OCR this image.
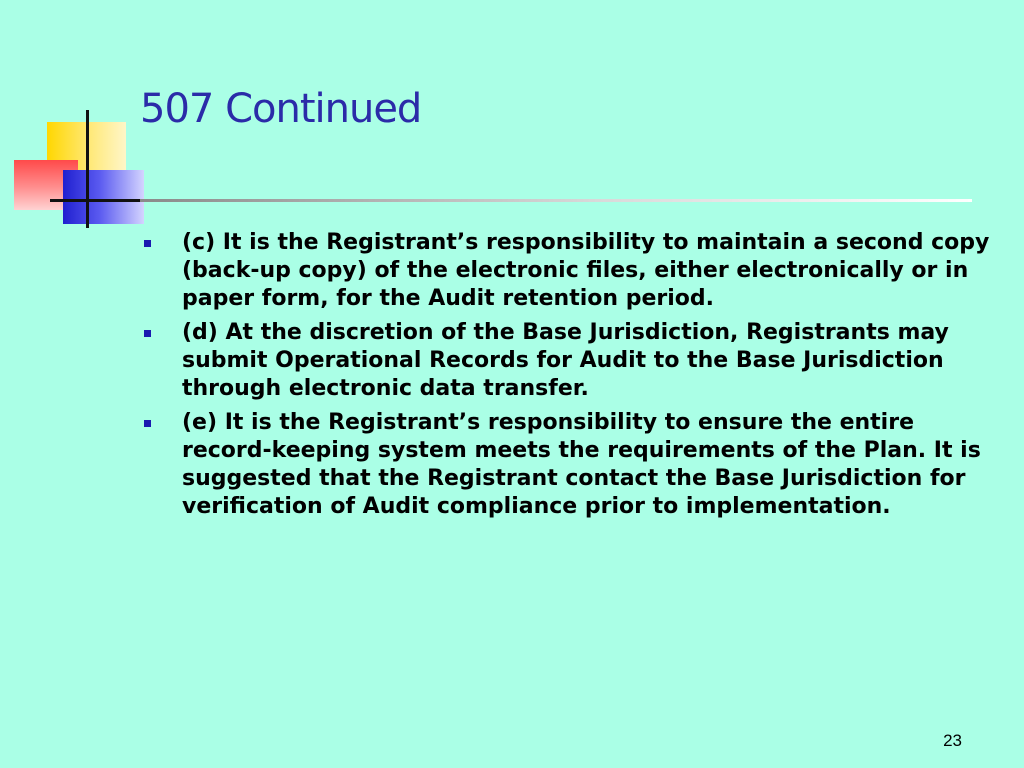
507 Continued
(c) It is the Registrant’s responsibility to maintain a second copy (back-up copy) of the electronic files, either electronically or in paper form, for the Audit retention period.
(d) At the discretion of the Base Jurisdiction, Registrants may submit Operational Records for Audit to the Base Jurisdiction through electronic data transfer.
(e) It is the Registrant’s responsibility to ensure the entire record-keeping system meets the requirements of the Plan. It is suggested that the Registrant contact the Base Jurisdiction for verification of Audit compliance prior to implementation.
23
